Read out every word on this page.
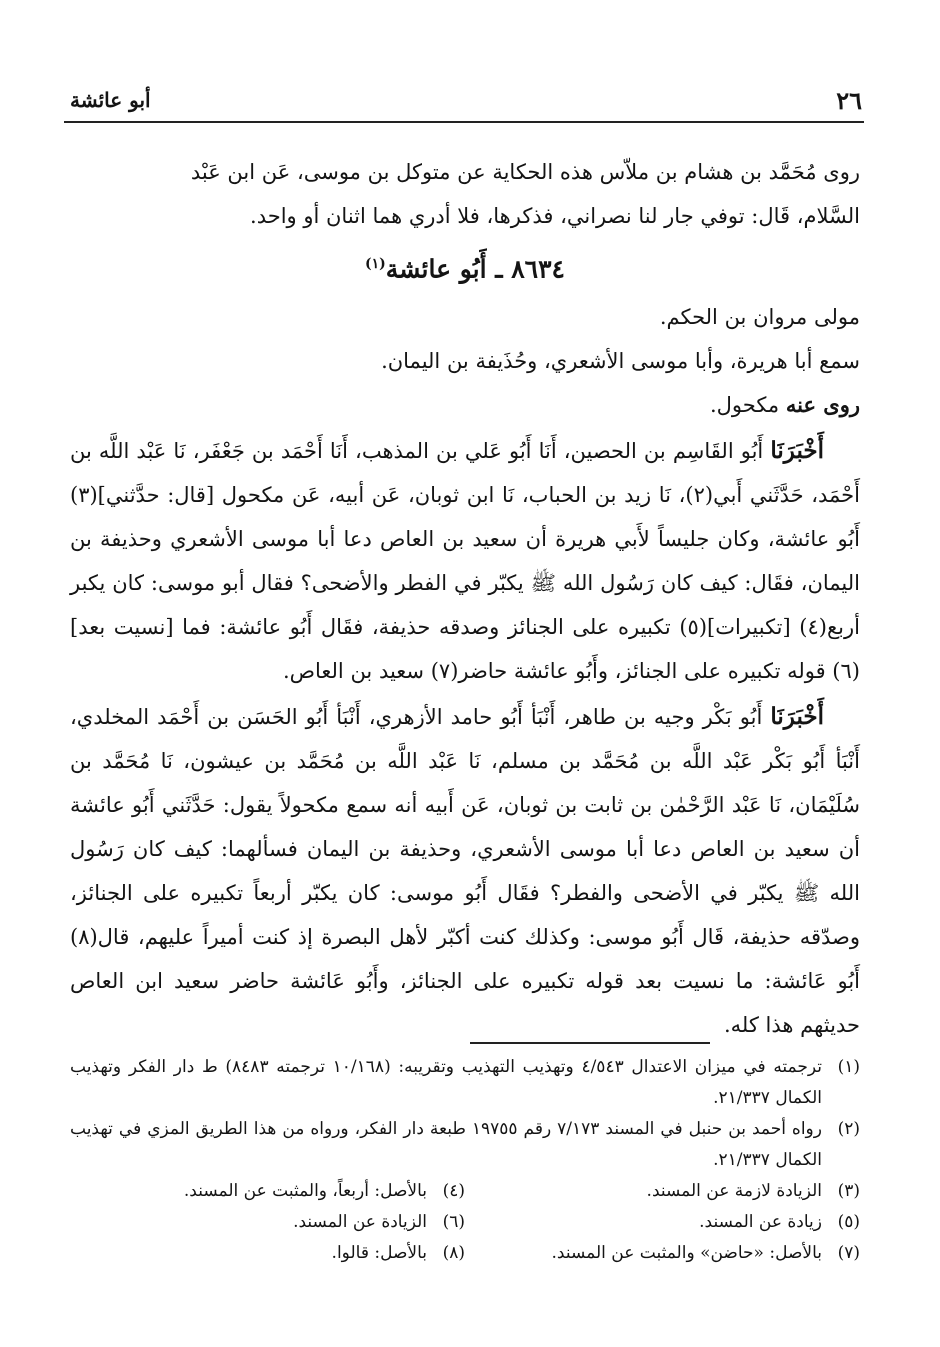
٢٦
أبو عائشة

روى مُحَمَّد بن هشام بن ملاّس هذه الحكاية عن متوكل بن موسى، عَن ابن عَبْد

السَّلام، قَال: توفي جار لنا نصراني، فذكرها، فلا أدري هما اثنان أو واحد.

٨٦٣٤ ـ أَبُو عائشة$^{(١)}$

مولى مروان بن الحكم.

سمع أبا هريرة، وأبا موسى الأشعري، وحُذَيفة بن اليمان.

روى عنه مكحول.

أَخْبَرَنَا أَبُو القَاسِم بن الحصين، أَنَا أَبُو عَلي بن المذهب، أَنَا أَحْمَد بن جَعْفَر، نَا عَبْد اللَّه بن أَحْمَد، حَدَّثَني أَبي(٢)، نَا زيد بن الحباب، نَا ابن ثوبان، عَن أبيه، عَن مكحول [قال: حدَّثني](٣) أَبُو عائشة، وكان جليساً لأَبي هريرة أن سعيد بن العاص دعا أبا موسى الأشعري وحذيفة بن اليمان، فقَال: كيف كان رَسُول الله ﷺ يكبّر في الفطر والأضحى؟ فقال أبو موسى: كان يكبر أربع(٤) [تكبيرات](٥) تكبيره على الجنائز وصدقه حذيفة، فقَال أَبُو عائشة: فما [نسيت بعد](٦) قوله تكبيره على الجنائز، وأَبُو عائشة حاضر(٧) سعيد بن العاص.

أَخْبَرَنَا أَبُو بَكْر وجيه بن طاهر، أَنْبَأ أَبُو حامد الأزهري، أَنْبَأ أَبُو الحَسَن بن أَحْمَد المخلدي، أَنْبَأ أَبُو بَكْر عَبْد اللَّه بن مُحَمَّد بن مسلم، نَا عَبْد اللَّه بن مُحَمَّد بن عيشون، نَا مُحَمَّد بن سُلَيْمَان، نَا عَبْد الرَّحْمٰن بن ثابت بن ثوبان، عَن أَبيه أنه سمع مكحولاً يقول: حَدَّثَني أَبُو عائشة أن سعيد بن العاص دعا أبا موسى الأشعري، وحذيفة بن اليمان فسألهما: كيف كان رَسُول الله ﷺ يكبّر في الأضحى والفطر؟ فقَال أَبُو موسى: كان يكبّر أربعاً تكبيره على الجنائز، وصدّقه حذيفة، قَال أَبُو موسى: وكذلك كنت أكبّر لأهل البصرة إذ كنت أميراً عليهم، قال(٨) أَبُو عَائشة: ما نسيت بعد قوله تكبيره على الجنائز، وأَبُو عَائشة حاضر سعيد ابن العاص حديثهم هذا كله.

(١)
ترجمته في ميزان الاعتدال ٤/٥٤٣ وتهذيب التهذيب وتقريبه: (١٠/١٦٨ ترجمته ٨٤٨٣) ط دار الفكر وتهذيب الكمال ٢١/٣٣٧.
(٢)
رواه أحمد بن حنبل في المسند ٧/١٧٣ رقم ١٩٧٥٥ طبعة دار الفكر، ورواه من هذا الطريق المزي في تهذيب الكمال ٢١/٣٣٧.
(٣)
الزيادة لازمة عن المسند.
(٤)
بالأصل: أربعاً، والمثبت عن المسند.
(٥)
زيادة عن المسند.
(٦)
الزيادة عن المسند.
(٧)
بالأصل: «حاضن» والمثبت عن المسند.
(٨)
بالأصل: قالوا.
